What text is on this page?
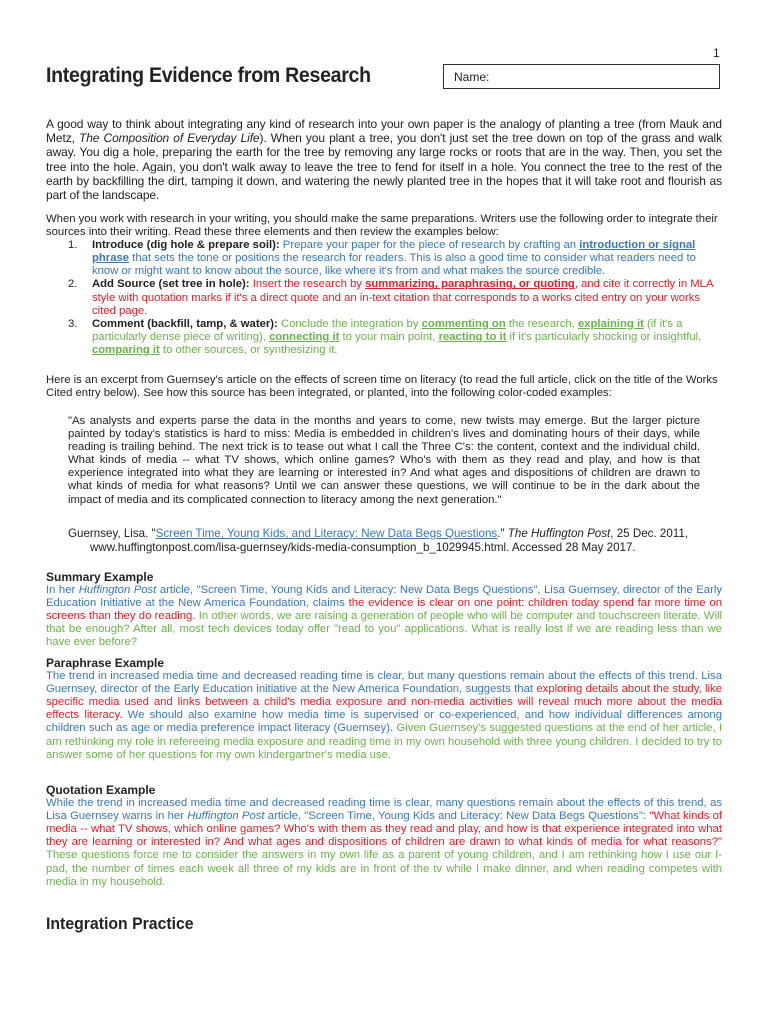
1
Integrating Evidence from Research	Name:
A good way to think about integrating any kind of research into your own paper is the analogy of planting a tree (from Mauk and Metz, The Composition of Everyday Life). When you plant a tree, you don't just set the tree down on top of the grass and walk away. You dig a hole, preparing the earth for the tree by removing any large rocks or roots that are in the way. Then, you set the tree into the hole. Again, you don't walk away to leave the tree to fend for itself in a hole. You connect the tree to the rest of the earth by backfilling the dirt, tamping it down, and watering the newly planted tree in the hopes that it will take root and flourish as part of the landscape.
When you work with research in your writing, you should make the same preparations. Writers use the following order to integrate their sources into their writing. Read these three elements and then review the examples below:
1. Introduce (dig hole & prepare soil): Prepare your paper for the piece of research by crafting an introduction or signal phrase that sets the tone or positions the research for readers. This is also a good time to consider what readers need to know or might want to know about the source, like where it's from and what makes the source credible.
2. Add Source (set tree in hole): Insert the research by summarizing, paraphrasing, or quoting, and cite it correctly in MLA style with quotation marks if it's a direct quote and an in-text citation that corresponds to a works cited entry on your works cited page.
3. Comment (backfill, tamp, & water): Conclude the integration by commenting on the research, explaining it (if it's a particularly dense piece of writing), connecting it to your main point, reacting to it if it's particularly shocking or insightful, comparing it to other sources, or synthesizing it.
Here is an excerpt from Guernsey's article on the effects of screen time on literacy (to read the full article, click on the title of the Works Cited entry below). See how this source has been integrated, or planted, into the following color-coded examples:
"As analysts and experts parse the data in the months and years to come, new twists may emerge. But the larger picture painted by today's statistics is hard to miss: Media is embedded in children's lives and dominating hours of their days, while reading is trailing behind. The next trick is to tease out what I call the Three C's: the content, context and the individual child. What kinds of media -- what TV shows, which online games? Who's with them as they read and play, and how is that experience integrated into what they are learning or interested in? And what ages and dispositions of children are drawn to what kinds of media for what reasons? Until we can answer these questions, we will continue to be in the dark about the impact of media and its complicated connection to literacy among the next generation."
Guernsey, Lisa. "Screen Time, Young Kids, and Literacy: New Data Begs Questions." The Huffington Post, 25 Dec. 2011, www.huffingtonpost.com/lisa-guernsey/kids-media-consumption_b_1029945.html. Accessed 28 May 2017.
Summary Example
In her Huffington Post article, "Screen Time, Young Kids and Literacy: New Data Begs Questions", Lisa Guernsey, director of the Early Education Initiative at the New America Foundation, claims the evidence is clear on one point: children today spend far more time on screens than they do reading. In other words, we are raising a generation of people who will be computer and touchscreen literate. Will that be enough? After all, most tech devices today offer "read to you" applications. What is really lost if we are reading less than we have ever before?
Paraphrase Example
The trend in increased media time and decreased reading time is clear, but many questions remain about the effects of this trend. Lisa Guernsey, director of the Early Education initiative at the New America Foundation, suggests that exploring details about the study, like specific media used and links between a child's media exposure and non-media activities will reveal much more about the media effects literacy. We should also examine how media time is supervised or co-experienced, and how individual differences among children such as age or media preference impact literacy (Guernsey). Given Guernsey's suggested questions at the end of her article, I am rethinking my role in refereeing media exposure and reading time in my own household with three young children. I decided to try to answer some of her questions for my own kindergartner's media use.
Quotation Example
While the trend in increased media time and decreased reading time is clear, many questions remain about the effects of this trend, as Lisa Guernsey warns in her Huffington Post article, "Screen Time, Young Kids and Literacy: New Data Begs Questions": "What kinds of media -- what TV shows, which online games? Who's with them as they read and play, and how is that experience integrated into what they are learning or interested in? And what ages and dispositions of children are drawn to what kinds of media for what reasons?" These questions force me to consider the answers in my own life as a parent of young children, and I am rethinking how I use our I-pad, the number of times each week all three of my kids are in front of the tv while I make dinner, and when reading competes with media in my household.
Integration Practice
